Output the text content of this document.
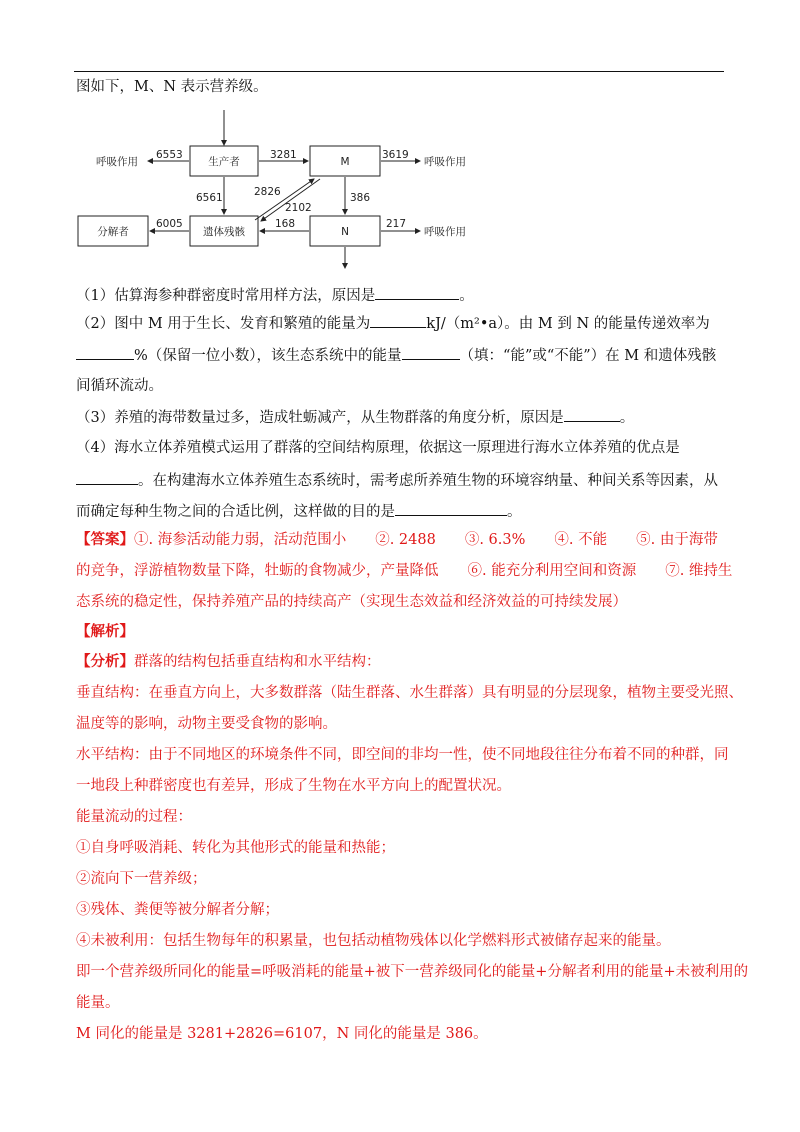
图如下，M、N 表示营养级。
生产者	M
遗体残骸	N
分解者
呼吸作用	呼吸作用
呼吸作用
6553	3281	3619
6561	2826
2102
386
168	217
6005
（1）估算海参种群密度时常用样方法，原因是	。
（2）图中 M 用于生长、发育和繁殖的能量为	kJ/（m²•a）。由 M 到 N 的能量传递效率为
%（保留一位小数），该生态系统中的能量	（填：“能”或“不能”）在 M 和遗体残骸
间循环流动。
（3）养殖的海带数量过多，造成牡蛎减产，从生物群落的角度分析，原因是	。
（4）海水立体养殖模式运用了群落的空间结构原理，依据这一原理进行海水立体养殖的优点是
。在构建海水立体养殖生态系统时，需考虑所养殖生物的环境容纳量、种间关系等因素，从
而确定每种生物之间的合适比例，这样做的目的是	。
【答案】①. 海参活动能力弱，活动范围小　　②. 2488　　③. 6.3%　　④. 不能　　⑤. 由于海带
的竞争，浮游植物数量下降，牡蛎的食物减少，产量降低　　⑥. 能充分利用空间和资源　　⑦. 维持生
态系统的稳定性，保持养殖产品的持续高产（实现生态效益和经济效益的可持续发展）
【解析】
【分析】群落的结构包括垂直结构和水平结构：
垂直结构：在垂直方向上，大多数群落（陆生群落、水生群落）具有明显的分层现象，植物主要受光照、
温度等的影响，动物主要受食物的影响。
水平结构：由于不同地区的环境条件不同，即空间的非均一性，使不同地段往往分布着不同的种群，同
一地段上种群密度也有差异，形成了生物在水平方向上的配置状况。
能量流动的过程：
①自身呼吸消耗、转化为其他形式的能量和热能；
②流向下一营养级；
③残体、粪便等被分解者分解；
④未被利用：包括生物每年的积累量，也包括动植物残体以化学燃料形式被储存起来的能量。
即一个营养级所同化的能量=呼吸消耗的能量+被下一营养级同化的能量+分解者利用的能量+未被利用的
能量。
M 同化的能量是 3281+2826=6107，N 同化的能量是 386。
